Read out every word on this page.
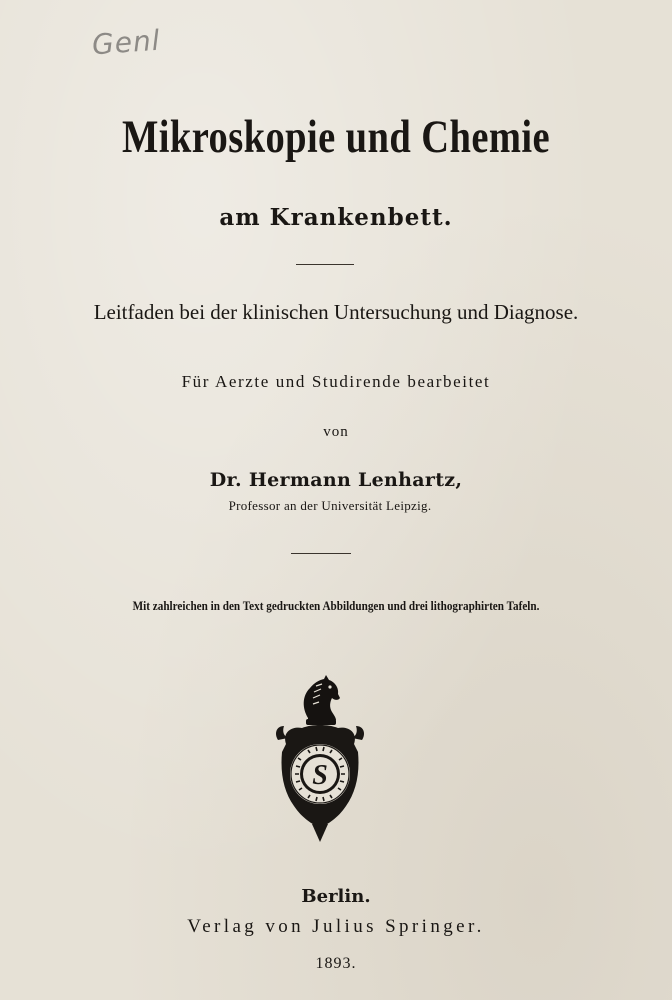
Genl
Mikroskopie und Chemie
am Krankenbett.
Leitfaden bei der klinischen Untersuchung und Diagnose.
Für Aerzte und Studirende bearbeitet
von
Dr. Hermann Lenhartz,
Professor an der Universität Leipzig.
Mit zahlreichen in den Text gedruckten Abbildungen und drei lithographirten Tafeln.
S
Berlin.
Verlag von Julius Springer.
1893.
